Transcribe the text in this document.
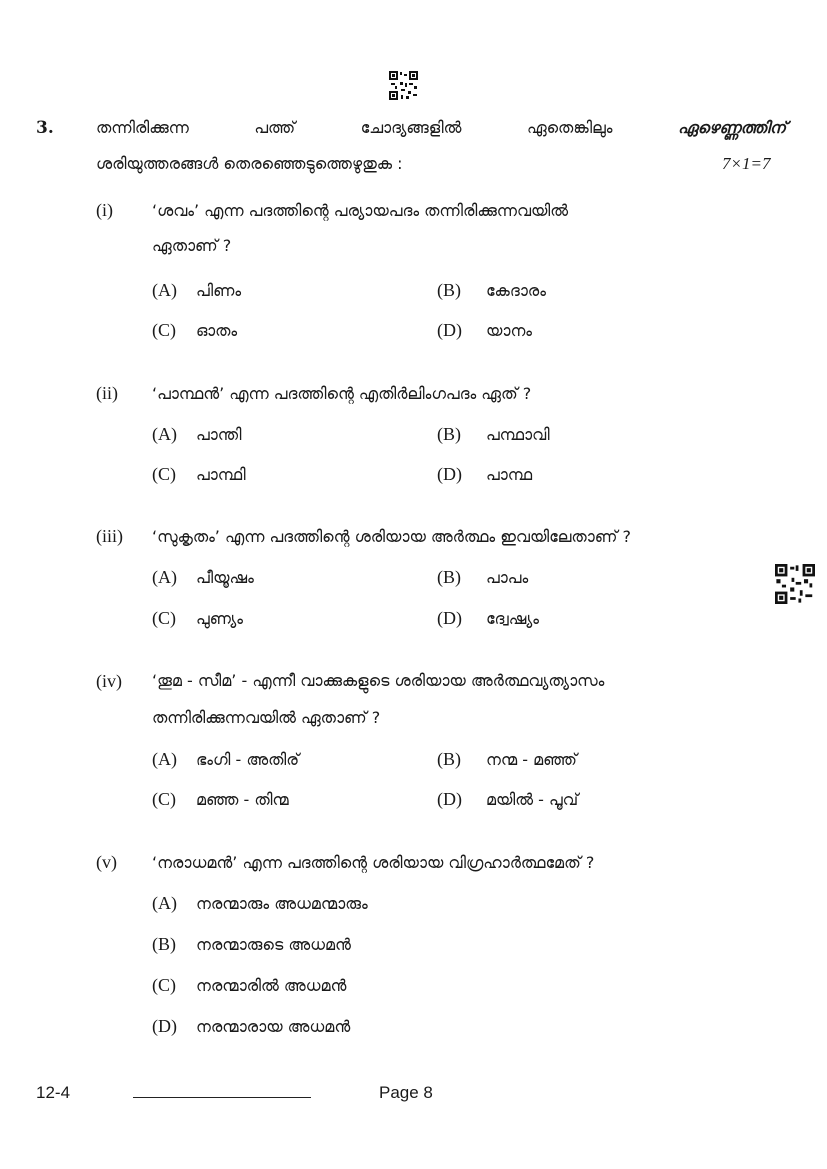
3.	തന്നിരിക്കുന്ന	പത്ത്	ചോദ്യങ്ങളിൽ	ഏതെങ്കിലും	ഏഴെണ്ണത്തിന്
ശരിയുത്തരങ്ങൾ തെരഞ്ഞെടുത്തെഴുതുക :	7×1=7
(i) ‘ശവം’ എന്ന പദത്തിന്റെ പര്യായപദം തന്നിരിക്കുന്നവയിൽ
ഏതാണ് ?
(A) പിണം	(B) കേദാരം
(C) ഓതം	(D) യാനം
(ii) ‘പാന്ഥൻ’ എന്ന പദത്തിന്റെ എതിർലിംഗപദം ഏത് ?
(A) പാന്തി	(B) പന്ഥാവി
(C) പാന്ഥി	(D) പാന്ഥ
(iii) ‘സുകൃതം’ എന്ന പദത്തിന്റെ ശരിയായ അർത്ഥം ഇവയിലേതാണ് ?
(A) പീയൂഷം	(B) പാപം
(C) പുണ്യം	(D) ദ്വേഷ്യം
(iv) ‘തൂമ - സീമ’ - എന്നീ വാക്കുകളുടെ ശരിയായ അർത്ഥവ്യത്യാസം
തന്നിരിക്കുന്നവയിൽ ഏതാണ് ?
(A) ഭംഗി - അതിര്	(B) നന്മ - മഞ്ഞ്
(C) മഞ്ഞ - തിന്മ	(D) മയിൽ - പൂവ്
(v) ‘നരാധമൻ’ എന്ന പദത്തിന്റെ ശരിയായ വിഗ്രഹാർത്ഥമേത് ?
(A) നരന്മാരും അധമന്മാരും
(B) നരന്മാരുടെ അധമൻ
(C) നരന്മാരിൽ അധമൻ
(D) നരന്മാരായ അധമൻ
12-4	Page 8
